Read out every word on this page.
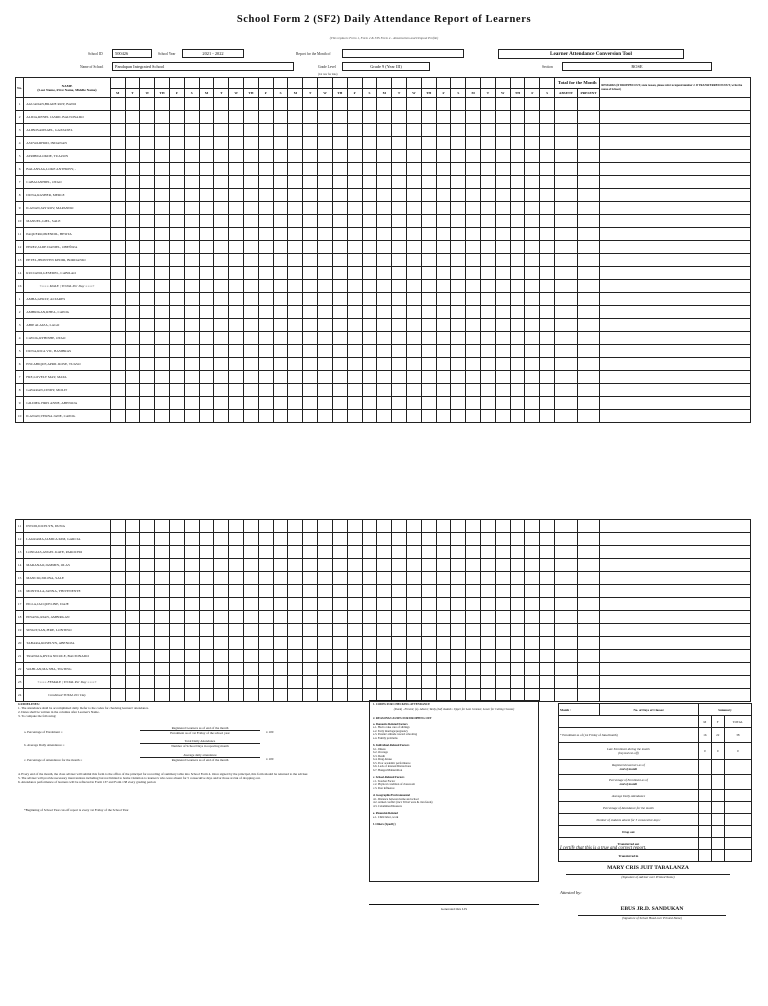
School Form 2 (SF2) Daily Attendance Report of Learners
(This replaces Form 1, Form 2 & STS Form 4 - Absenteeism and Dropout Profile)
School ID	500426	School Year	2021 - 2022	Report for the Month of	Learner Attendance Conversion Tool
Name of School	Pandapan Integrated School	Grade Level	Grade 9 (Year III)	Section	ROSE
(1st row for date)
No.	NAME
(Last Name, First Name, Middle Name)																															Total for the Month		REMARKS (If DROPPED OUT, state reason, please refer to legend number 2. If TRANSFERRED IN/OUT, write the name of School.)
		M	T	W	TH	F	S	M	T	W	TH	F	S	M	T	W	TH	F	S	M	T	W	TH	F	S	M	T	W	TH	F	S	ABSENT	PRESENT	
1	AGUADAN,BRAIJE ROY, BANO																																	
2	ALIDA,RENEL JASRIL BALTONADO																																	
3	ALIBOSAMSAEL, GAJIJASEL																																	
4	ASUWADHOD, INDANAN																																	
5	ATRIBIGLOKDE, TUAZON																																	
6	BALANSAG,LOKE ANTHONY, -																																	
7	CABAJANHIEL, OTAO																																	
8	DUNA,RASHER, MERLE																																	
9	ILANAN,JAY ROV, MAPANDO																																	
10	MANUEL,GIEL, SALE																																	
11	PAQUERO,PRENDIL, BESITA																																	
12	PEREZ,JADE DANIEL, OBEÑIZA																																	
13	PETEL,JHONVEN KEDIR, BORDANIO																																	
14	RUCIANO,GESEDEL, CABILAO																																	
16	<=== MALE | TOTAL Per Day ===>																																	
1	AMBA,GERLY, ALTARES																																	
2	AMBRIGAN,RHEA, CAPOG																																	
3	ABIP ALAIZA, LAGO																																	
4	CAYOG,RYHISHE, OTAO																																	
5	DUNA,RICA VIC, BASIBRAS																																	
6	ENCABIQUE,APRIL ROSE, TUASO																																	
7	FRE,LOVELY MAY, MATA																																	
8	GAVARAN,CINDY, MOLIT																																	
9	GILDIEG HRIS ANNE, ABENOJA																																	
10	ILANAN,VERNA JANE, CAPOG																																	
11	INTOD,JOCELYN, DUNA																																	
12	LAGRAMA,JAMICA KIM, GARCIA																																	
13	LONGIAS,ANGEL KATE, PAROCHO																																	
14	MARANAO,JAMMIN, OLAS																																	
15	MANCIO,JOLINA, SALE																																	
16	MONTILLA,JANNA, YBIVENENTE																																	
17	PILLA,JACQUELINE, DAJE																																	
18	PINANG,RIAN, AMBIRGAN																																	
19	SINGIT,SAN,JERE, LONTINO																																	
20	TABARA,ROSELYN, ABENOJA																																	
21	TRANGIA,RYZA NICOLE, BALTONADO																																	
22	WAHLAN,MA SHA, TIGTING																																	
23	<=== FEMALE | TOTAL Per Day ===>																																	
24	Combined TOTAL Per Day																																	
GUIDELINES:
1. The attendance shall be accomplished daily. Refer to the codes for checking learners' attendance.
2. Dates shall be written in the columns after Learner's Name.
3. To compute the following:
a. Percentage of Enrolment =
Registered Learners as of end of the month
Enrolment as of 1st Friday of the school year	x 100
b. Average Daily Attendance =
Total Daily Attendance
Number of School Days in reporting month
c. Percentage of Attendance for the month =
Average daily attendance
Registered Learners as of end of the month	x 100
4. Every end of the month, the class adviser will submit this form to the office of the principal for recording of summary table into School Form 4. Once signed by the principal, this form should be returned to the adviser.
5. The adviser will provide necessary interventions including but not limited to home visitation to learner/s who were absent for 5 consecutive days and/or those at risk of dropping out.
6. Attendance performance of learners will be reflected in Form 137 and Form 138 every grading period.
*Beginning of School Year cut-off report is every 1st Friday of the School Year
1. CODES FOR CHECKING ATTENDANCE
(blank) - Present; (x)- Absent; Tardy (half shaded= Upper for Late Commer, Lower for Cutting Classes)
2. REASONS/CAUSES FOR DROPPING OUT
a. Domestic-Related Factors
a.1. Had to take care of siblings
a.2. Early marriage/pregnancy
a.3. Parents' attitude toward schooling
a.4. Family problems
b. Individual-Related Factors
b.1. Illness
b.2. Overage
b.3. Death
b.4. Drug Abuse
b.5. Poor academic performance
b.6. Lack of interest/Distractions
b.7. Hunger/Malnutrition
c. School-Related Factors
c.1. Teacher Factor
c.2. Physical condition of classroom
c.3. Peer influence
d. Geographic/Environmental
d.1. Distance between home and school
d.2. Armed conflict (incl. Tribal wars & clan feuds)
d.3. Calamities/Disasters
e. Financial-Related
e.1. Child labor, work
f. Others (Specify)
Month :	No. of Days of Classes:	Summary		
		M	F	TOTAL
* Enrolment as of (1st Friday of June/month)		16	22	38

Late Enrolment during the month
(beyond cut-off)		0	0	0

Registered Learners as of
end of month				

Percentage of Enrolment as of
end of month				

Average Daily Attendance				
Percentage of Attendance for the month				
Number of students absent for 5 consecutive days:				
Drop out				
Transferred out				
Transferred in				
I certify that this is a true and correct report.
MARY CRIS JUIT TABALANZA
(Signature of Adviser over Printed Name)
Attested by:
EBUS JR.D. SANDUKAN
(Signature of School Head over Printed Name)
Generated thru LIS
